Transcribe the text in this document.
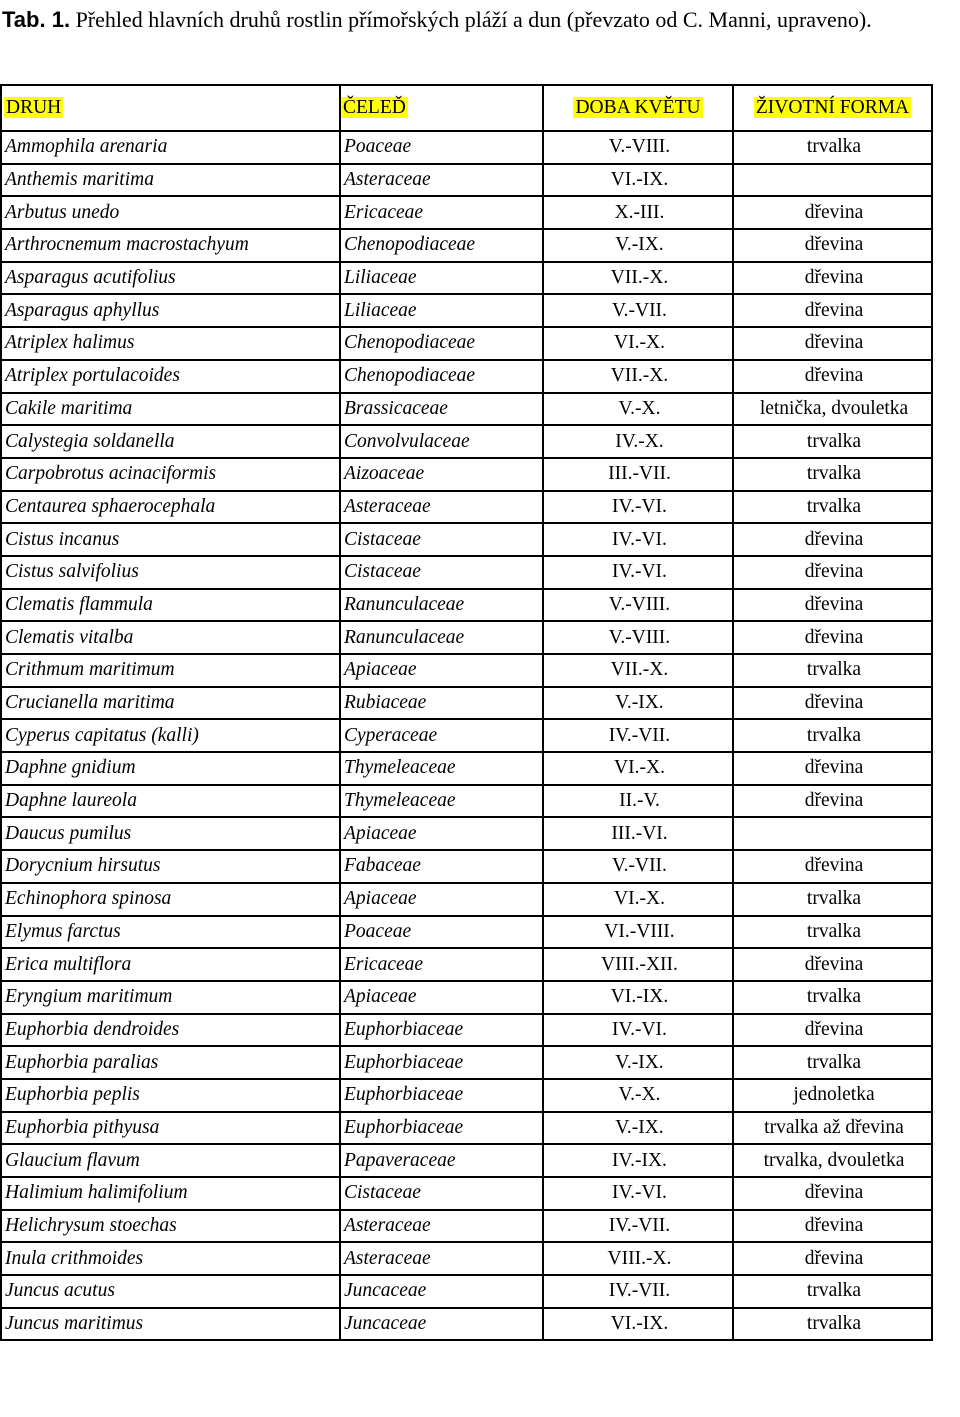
Tab. 1. Přehled hlavních druhů rostlin přímořských pláží a dun (převzato od C. Manni, upraveno).
DRUH	ČELEĎ	DOBA KVĚTU	ŽIVOTNÍ FORMA
Ammophila arenaria	Poaceae	V.-VIII.	trvalka
Anthemis maritima	Asteraceae	VI.-IX.	
Arbutus unedo	Ericaceae	X.-III.	dřevina
Arthrocnemum macrostachyum	Chenopodiaceae	V.-IX.	dřevina
Asparagus acutifolius	Liliaceae	VII.-X.	dřevina
Asparagus aphyllus	Liliaceae	V.-VII.	dřevina
Atriplex halimus	Chenopodiaceae	VI.-X.	dřevina
Atriplex portulacoides	Chenopodiaceae	VII.-X.	dřevina
Cakile maritima	Brassicaceae	V.-X.	letnička, dvouletka
Calystegia soldanella	Convolvulaceae	IV.-X.	trvalka
Carpobrotus acinaciformis	Aizoaceae	III.-VII.	trvalka
Centaurea sphaerocephala	Asteraceae	IV.-VI.	trvalka
Cistus incanus	Cistaceae	IV.-VI.	dřevina
Cistus salvifolius	Cistaceae	IV.-VI.	dřevina
Clematis flammula	Ranunculaceae	V.-VIII.	dřevina
Clematis vitalba	Ranunculaceae	V.-VIII.	dřevina
Crithmum maritimum	Apiaceae	VII.-X.	trvalka
Crucianella maritima	Rubiaceae	V.-IX.	dřevina
Cyperus capitatus (kalli)	Cyperaceae	IV.-VII.	trvalka
Daphne gnidium	Thymeleaceae	VI.-X.	dřevina
Daphne laureola	Thymeleaceae	II.-V.	dřevina
Daucus pumilus	Apiaceae	III.-VI.	
Dorycnium hirsutus	Fabaceae	V.-VII.	dřevina
Echinophora spinosa	Apiaceae	VI.-X.	trvalka
Elymus farctus	Poaceae	VI.-VIII.	trvalka
Erica multiflora	Ericaceae	VIII.-XII.	dřevina
Eryngium maritimum	Apiaceae	VI.-IX.	trvalka
Euphorbia dendroides	Euphorbiaceae	IV.-VI.	dřevina
Euphorbia paralias	Euphorbiaceae	V.-IX.	trvalka
Euphorbia peplis	Euphorbiaceae	V.-X.	jednoletka
Euphorbia pithyusa	Euphorbiaceae	V.-IX.	trvalka až dřevina
Glaucium flavum	Papaveraceae	IV.-IX.	trvalka, dvouletka
Halimium halimifolium	Cistaceae	IV.-VI.	dřevina
Helichrysum stoechas	Asteraceae	IV.-VII.	dřevina
Inula crithmoides	Asteraceae	VIII.-X.	dřevina
Juncus acutus	Juncaceae	IV.-VII.	trvalka
Juncus maritimus	Juncaceae	VI.-IX.	trvalka
